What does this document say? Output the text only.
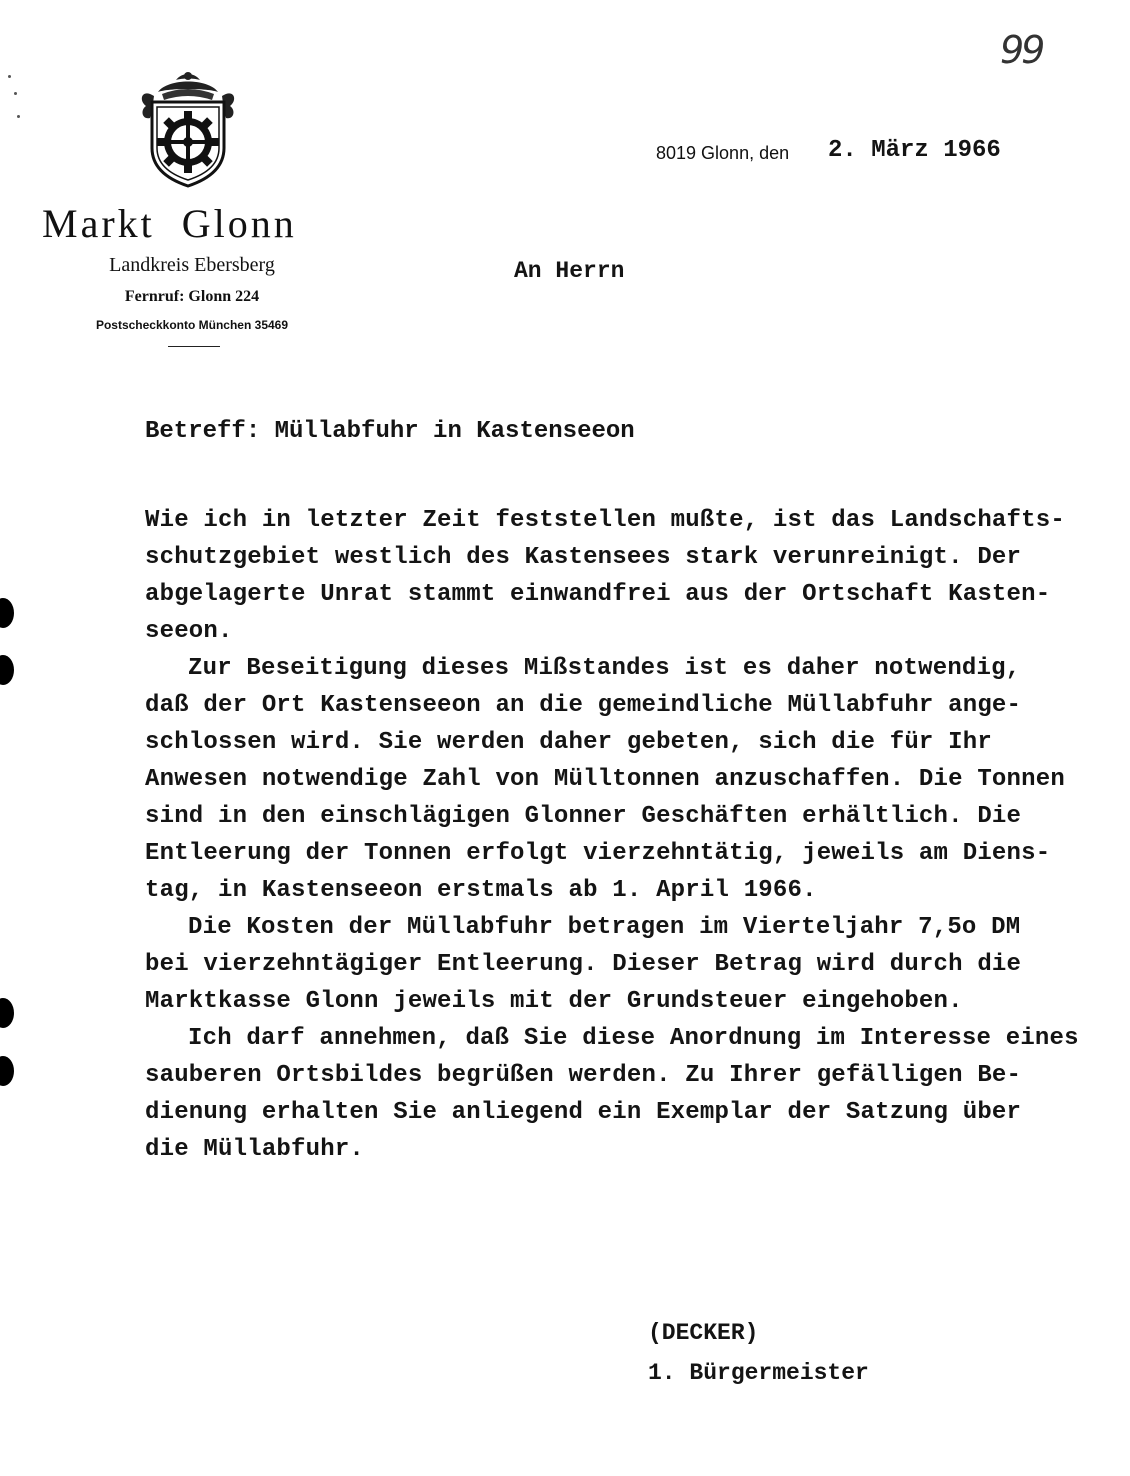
99
Markt Glonn
Landkreis Ebersberg
Fernruf: Glonn 224
Postscheckkonto München 35469
8019 Glonn, den 2. März 1966
An Herrn
Betreff: Müllabfuhr in Kastenseeon
Wie ich in letzter Zeit feststellen mußte, ist das Landschafts-
schutzgebiet westlich des Kastensees stark verunreinigt. Der
abgelagerte Unrat stammt einwandfrei aus der Ortschaft Kasten-
seeon.
Zur Beseitigung dieses Mißstandes ist es daher notwendig,
daß der Ort Kastenseeon an die gemeindliche Müllabfuhr ange-
schlossen wird. Sie werden daher gebeten, sich die für Ihr
Anwesen notwendige Zahl von Mülltonnen anzuschaffen. Die Tonnen
sind in den einschlägigen Glonner Geschäften erhältlich. Die
Entleerung der Tonnen erfolgt vierzehntätig, jeweils am Diens-
tag, in Kastenseeon erstmals ab 1. April 1966.
Die Kosten der Müllabfuhr betragen im Vierteljahr 7,5o DM
bei vierzehntägiger Entleerung. Dieser Betrag wird durch die
Marktkasse Glonn jeweils mit der Grundsteuer eingehoben.
Ich darf annehmen, daß Sie diese Anordnung im Interesse eines
sauberen Ortsbildes begrüßen werden. Zu Ihrer gefälligen Be-
dienung erhalten Sie anliegend ein Exemplar der Satzung über
die Müllabfuhr.
(DECKER)
1. Bürgermeister
